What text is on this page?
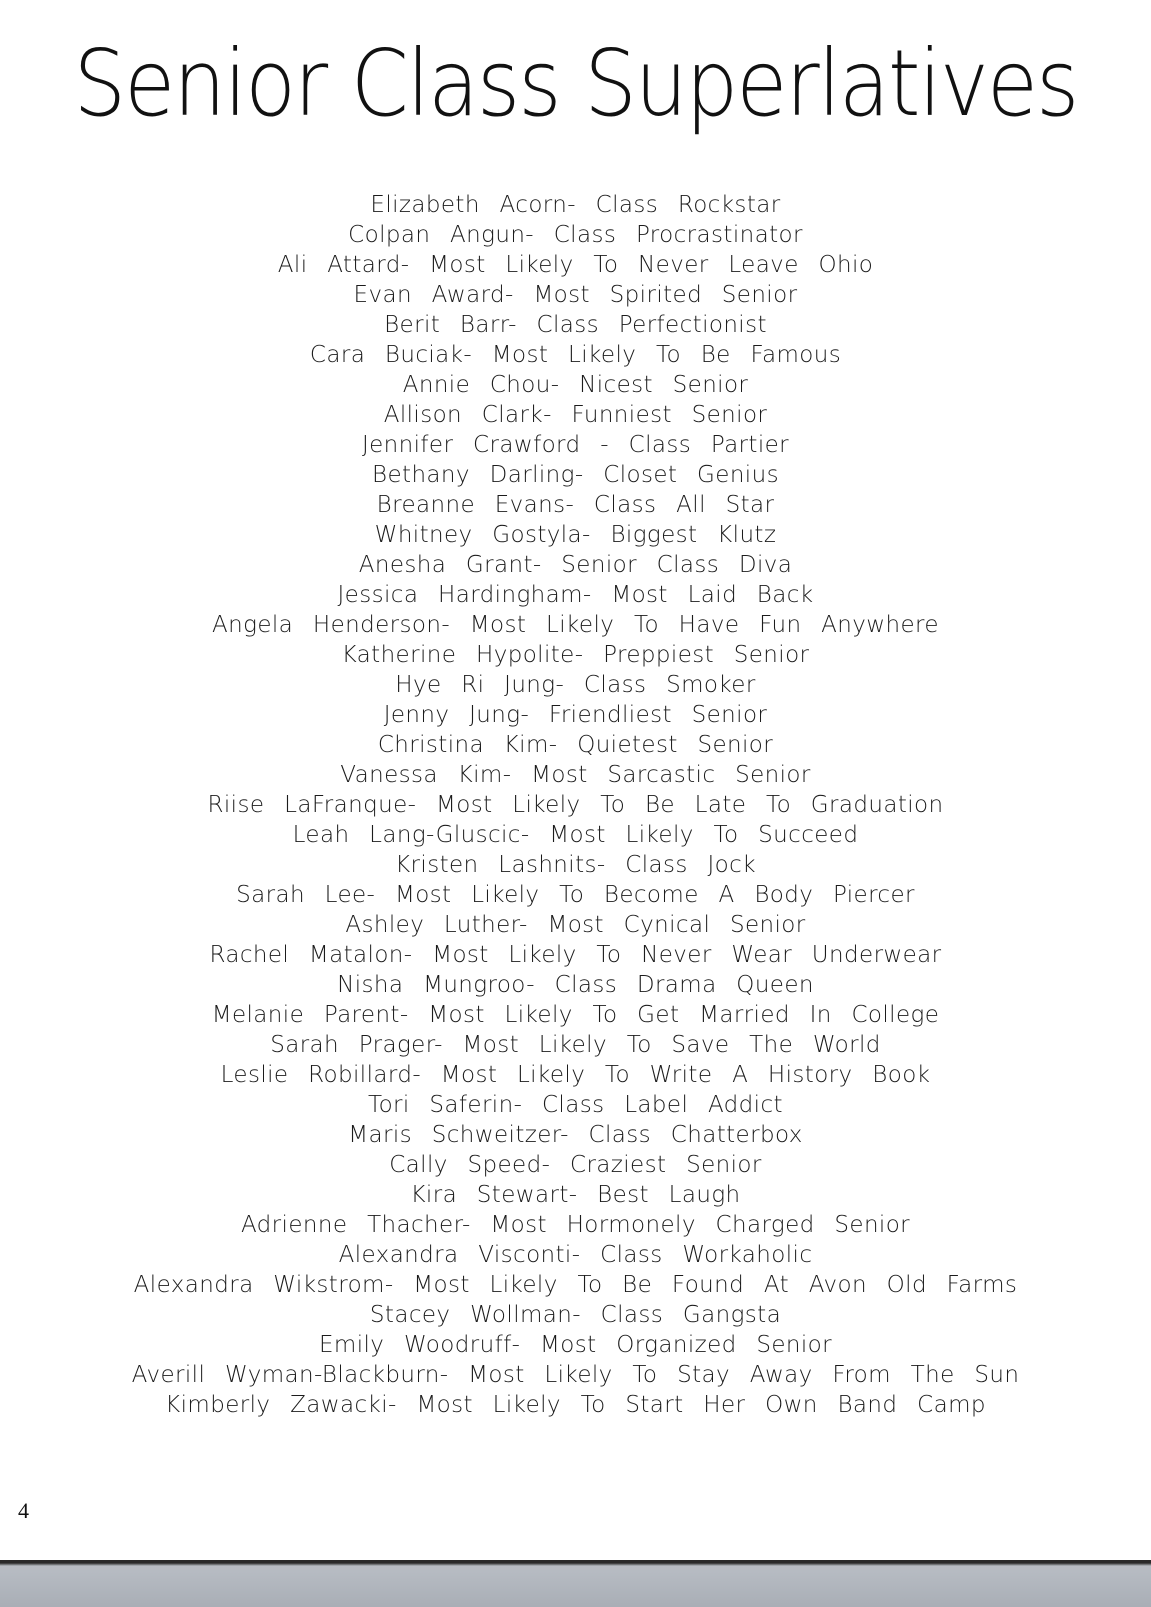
Senior Class Superlatives
Elizabeth Acorn- Class Rockstar
Colpan Angun- Class Procrastinator
Ali Attard- Most Likely To Never Leave Ohio
Evan Award- Most Spirited Senior
Berit Barr- Class Perfectionist
Cara Buciak- Most Likely To Be Famous
Annie Chou- Nicest Senior
Allison Clark- Funniest Senior
Jennifer Crawford - Class Partier
Bethany Darling- Closet Genius
Breanne Evans- Class All Star
Whitney Gostyla- Biggest Klutz
Anesha Grant- Senior Class Diva
Jessica Hardingham- Most Laid Back
Angela Henderson- Most Likely To Have Fun Anywhere
Katherine Hypolite- Preppiest Senior
Hye Ri Jung- Class Smoker
Jenny Jung- Friendliest Senior
Christina Kim- Quietest Senior
Vanessa Kim- Most Sarcastic Senior
Riise LaFranque- Most Likely To Be Late To Graduation
Leah Lang-Gluscic- Most Likely To Succeed
Kristen Lashnits- Class Jock
Sarah Lee- Most Likely To Become A Body Piercer
Ashley Luther- Most Cynical Senior
Rachel Matalon- Most Likely To Never Wear Underwear
Nisha Mungroo- Class Drama Queen
Melanie Parent- Most Likely To Get Married In College
Sarah Prager- Most Likely To Save The World
Leslie Robillard- Most Likely To Write A History Book
Tori Saferin- Class Label Addict
Maris Schweitzer- Class Chatterbox
Cally Speed- Craziest Senior
Kira Stewart- Best Laugh
Adrienne Thacher- Most Hormonely Charged Senior
Alexandra Visconti- Class Workaholic
Alexandra Wikstrom- Most Likely To Be Found At Avon Old Farms
Stacey Wollman- Class Gangsta
Emily Woodruff- Most Organized Senior
Averill Wyman-Blackburn- Most Likely To Stay Away From The Sun
Kimberly Zawacki- Most Likely To Start Her Own Band Camp
4
